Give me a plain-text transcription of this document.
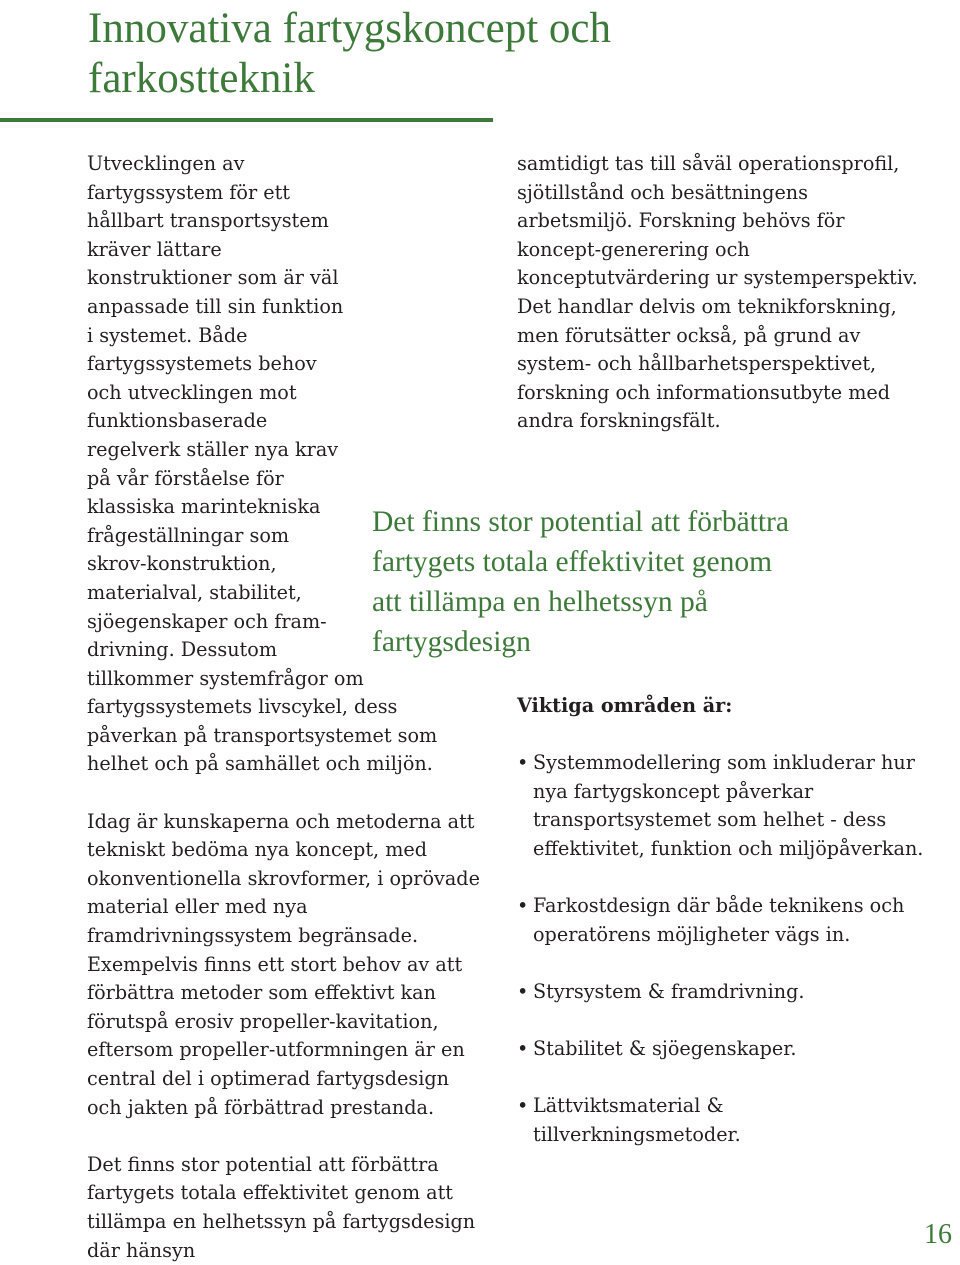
Innovativa fartygskoncept och farkostteknik

Utvecklingen av fartygssystem för ett hållbart transportsystem kräver lättare konstruktioner som är väl anpassade till sin funktion i systemet. Både fartygssystemets behov och utvecklingen mot funktionsbaserade regelverk ställer nya krav på vår förståelse för klassiska marintekniska frågeställningar som skrov-konstruktion, materialval, stabilitet, sjöegenskaper och fram-drivning. Dessutom tillkommer systemfrågor om fartygssystemets livscykel, dess påverkan på transportsystemet som helhet och på samhället och miljön.

Idag är kunskaperna och metoderna att tekniskt bedöma nya koncept, med okonventionella skrovformer, i oprövade material eller med nya framdrivningssystem begränsade. Exempelvis finns ett stort behov av att förbättra metoder som effektivt kan förutspå erosiv propeller-kavitation, eftersom propeller-utformningen är en central del i optimerad fartygsdesign och jakten på förbättrad prestanda.

Det finns stor potential att förbättra fartygets totala effektivitet genom att tillämpa en helhetssyn på fartygsdesign där hänsyn

samtidigt tas till såväl operationsprofil, sjötillstånd och besättningens arbetsmiljö. Forskning behövs för koncept-generering och konceptutvärdering ur systemperspektiv. Det handlar delvis om teknikforskning, men förutsätter också, på grund av system- och hållbarhetsperspektivet, forskning och informationsutbyte med andra forskningsfält.

Det finns stor potential att förbättra fartygets totala effektivitet genom att tillämpa en helhetssyn på fartygsdesign
Viktiga områden är:
• Systemmodellering som inkluderar hur nya fartygskoncept påverkar transportsystemet som helhet - dess effektivitet, funktion och miljöpåverkan.
• Farkostdesign där både teknikens och operatörens möjligheter vägs in.
• Styrsystem & framdrivning.
• Stabilitet & sjöegenskaper.
• Lättviktsmaterial & tillverkningsmetoder.
16
